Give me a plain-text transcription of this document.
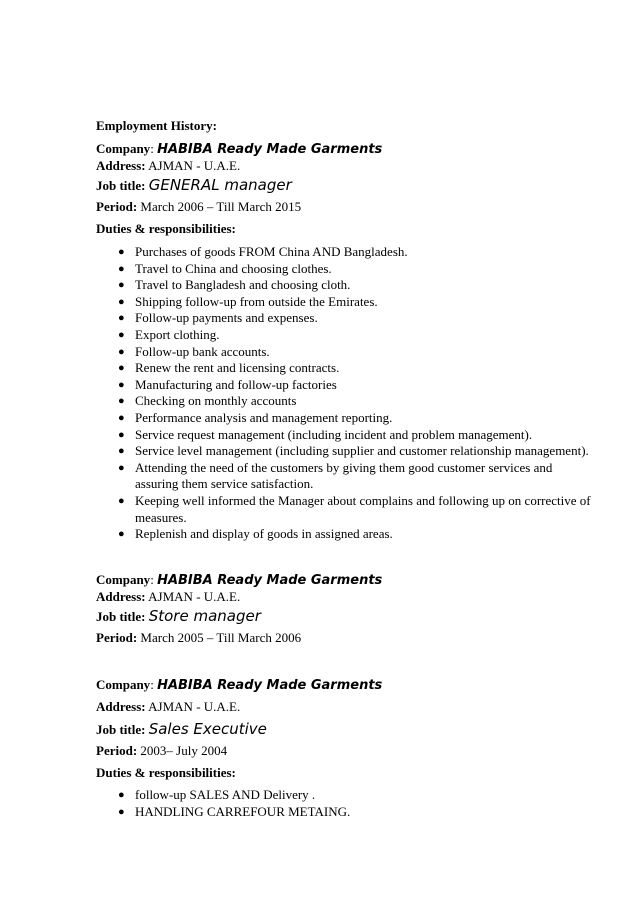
Employment History:
Company: HABIBA Ready Made Garments
Address: AJMAN - U.A.E.
Job title: GENERAL manager
Period: March 2006 – Till March 2015
Duties & responsibilities:
● Purchases of goods FROM China AND Bangladesh.
● Travel to China and choosing clothes.
● Travel to Bangladesh and choosing cloth.
● Shipping follow-up from outside the Emirates.
● Follow-up payments and expenses.
● Export clothing.
● Follow-up bank accounts.
● Renew the rent and licensing contracts.
● Manufacturing and follow-up factories
● Checking on monthly accounts
● Performance analysis and management reporting.
● Service request management (including incident and problem management).
● Service level management (including supplier and customer relationship management).
● Attending the need of the customers by giving them good customer services and assuring them service satisfaction.
● Keeping well informed the Manager about complains and following up on corrective of measures.
● Replenish and display of goods in assigned areas.
Company: HABIBA Ready Made Garments
Address: AJMAN - U.A.E.
Job title: Store manager
Period: March 2005 – Till March 2006
Company: HABIBA Ready Made Garments
Address: AJMAN - U.A.E.
Job title: Sales Executive
Period: 2003– July 2004
Duties & responsibilities:
● follow-up SALES AND Delivery .
● HANDLING CARREFOUR METAING.
